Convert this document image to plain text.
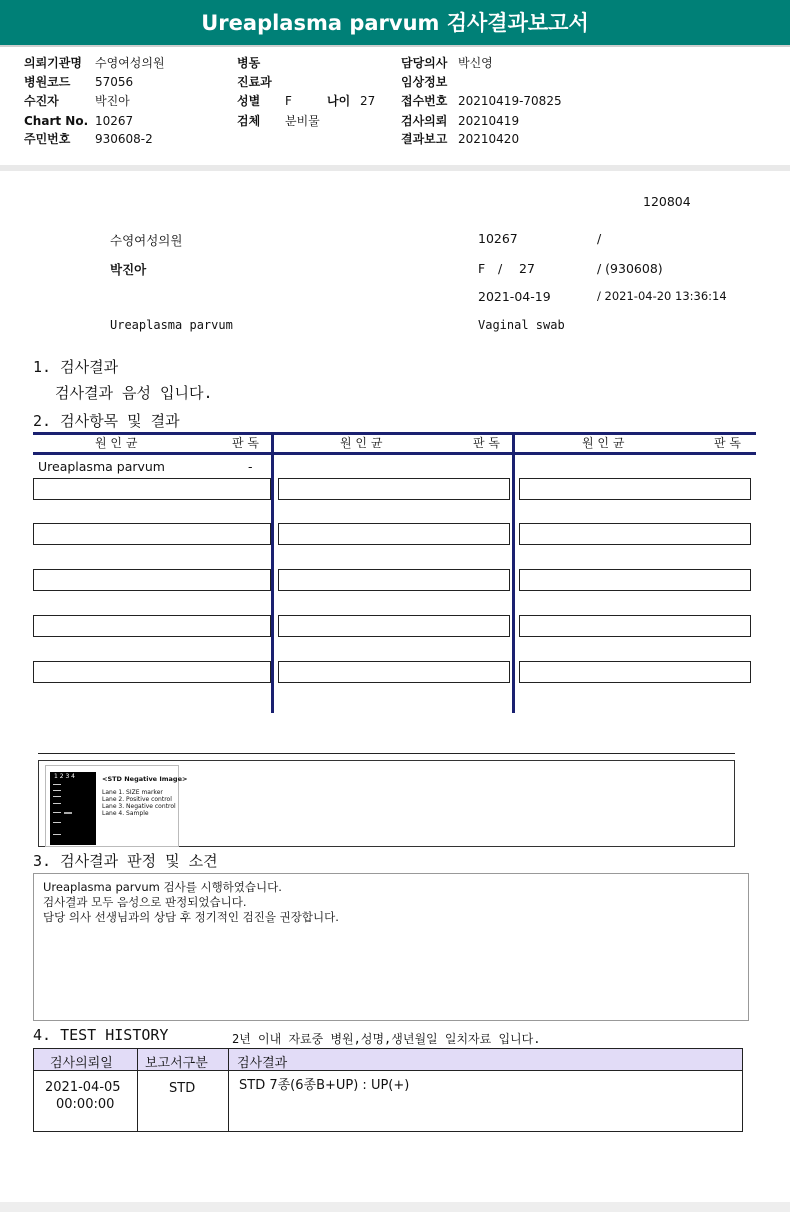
Ureaplasma parvum 검사결과보고서
의뢰기관명 수영여성의원
병원코드 57056
수진자	박진아
Chart No. 10267
주민번호 930608-2
병동
진료과
성별 F	나이 27
검체 분비물
담당의사 박신영
임상정보
접수번호 20210419-70825
검사의뢰 20210419
결과보고 20210420
120804
수영여성의원	10267	/
박진아	F / 27	/ (930608)
2021-04-19	/ 2021-04-20 13:36:14
Ureaplasma parvum	Vaginal swab
1. 검사결과
검사결과 음성 입니다.
2. 검사항목 및 결과
원 인 균	판 독	원 인 균	판 독	원 인 균	판 독
Ureaplasma parvum	-
1 2 3 4	<STD Negative Image>
Lane 1. SIZE marker
Lane 2. Positive control
Lane 3. Negative control
Lane 4. Sample
3. 검사결과 판정 및 소견
Ureaplasma parvum 검사를 시행하였습니다.
검사결과 모두 음성으로 판정되었습니다.
담당 의사 선생님과의 상담 후 정기적인 검진을 권장합니다.
4. TEST HISTORY	2년 이내 자료중 병원,성명,생년월일 일치자료 입니다.
검사의뢰일 보고서구분 검사결과
2021-04-05
00:00:00
STD	STD 7종(6종B+UP) : UP(+)
